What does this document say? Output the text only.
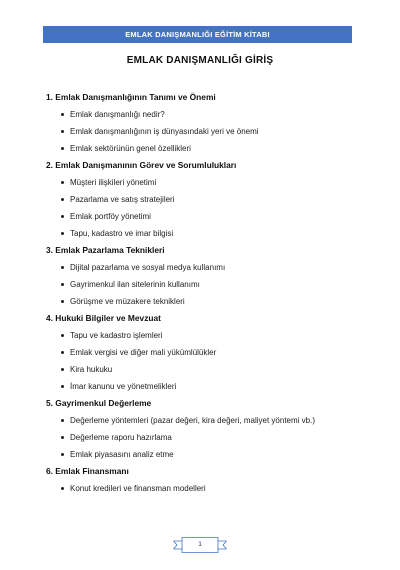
EMLAK DANIŞMANLIĞI EĞİTİM KİTABI
EMLAK DANIŞMANLIĞI GİRİŞ
1. Emlak Danışmanlığının Tanımı ve Önemi
Emlak danışmanlığı nedir?
Emlak danışmanlığının iş dünyasındaki yeri ve önemi
Emlak sektörünün genel özellikleri
2. Emlak Danışmanının Görev ve Sorumlulukları
Müşteri ilişkileri yönetimi
Pazarlama ve satış stratejileri
Emlak portföy yönetimi
Tapu, kadastro ve imar bilgisi
3. Emlak Pazarlama Teknikleri
Dijital pazarlama ve sosyal medya kullanımı
Gayrimenkul ilan sitelerinin kullanımı
Görüşme ve müzakere teknikleri
4. Hukuki Bilgiler ve Mevzuat
Tapu ve kadastro işlemleri
Emlak vergisi ve diğer mali yükümlülükler
Kira hukuku
İmar kanunu ve yönetmelikleri
5. Gayrimenkul Değerleme
Değerleme yöntemleri (pazar değeri, kira değeri, maliyet yöntemi vb.)
Değerleme raporu hazırlama
Emlak piyasasını analiz etme
6. Emlak Finansmanı
Konut kredileri ve finansman modelleri
1
